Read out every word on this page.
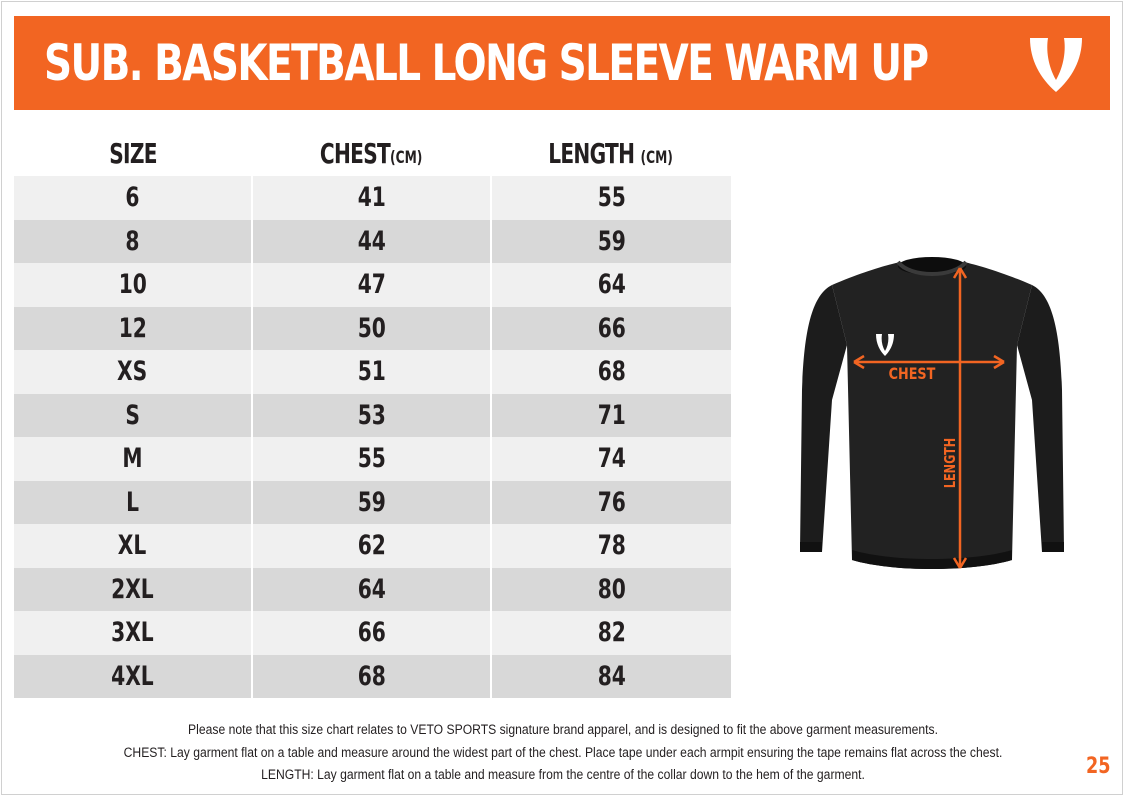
SUB. BASKETBALL LONG SLEEVE WARM UP
SIZE	CHEST(CM)	LENGTH (CM)
6	41	55
8	44	59
10	47	64
12	50	66
XS	51	68
S	53	71
M	55	74
L	59	76
XL	62	78
2XL	64	80
3XL	66	82
4XL	68	84
CHEST
LENGTH
Please note that this size chart relates to VETO SPORTS signature brand apparel, and is designed to fit the above garment measurements.
CHEST: Lay garment flat on a table and measure around the widest part of the chest. Place tape under each armpit ensuring the tape remains flat across the chest.
LENGTH: Lay garment flat on a table and measure from the centre of the collar down to the hem of the garment.	25
